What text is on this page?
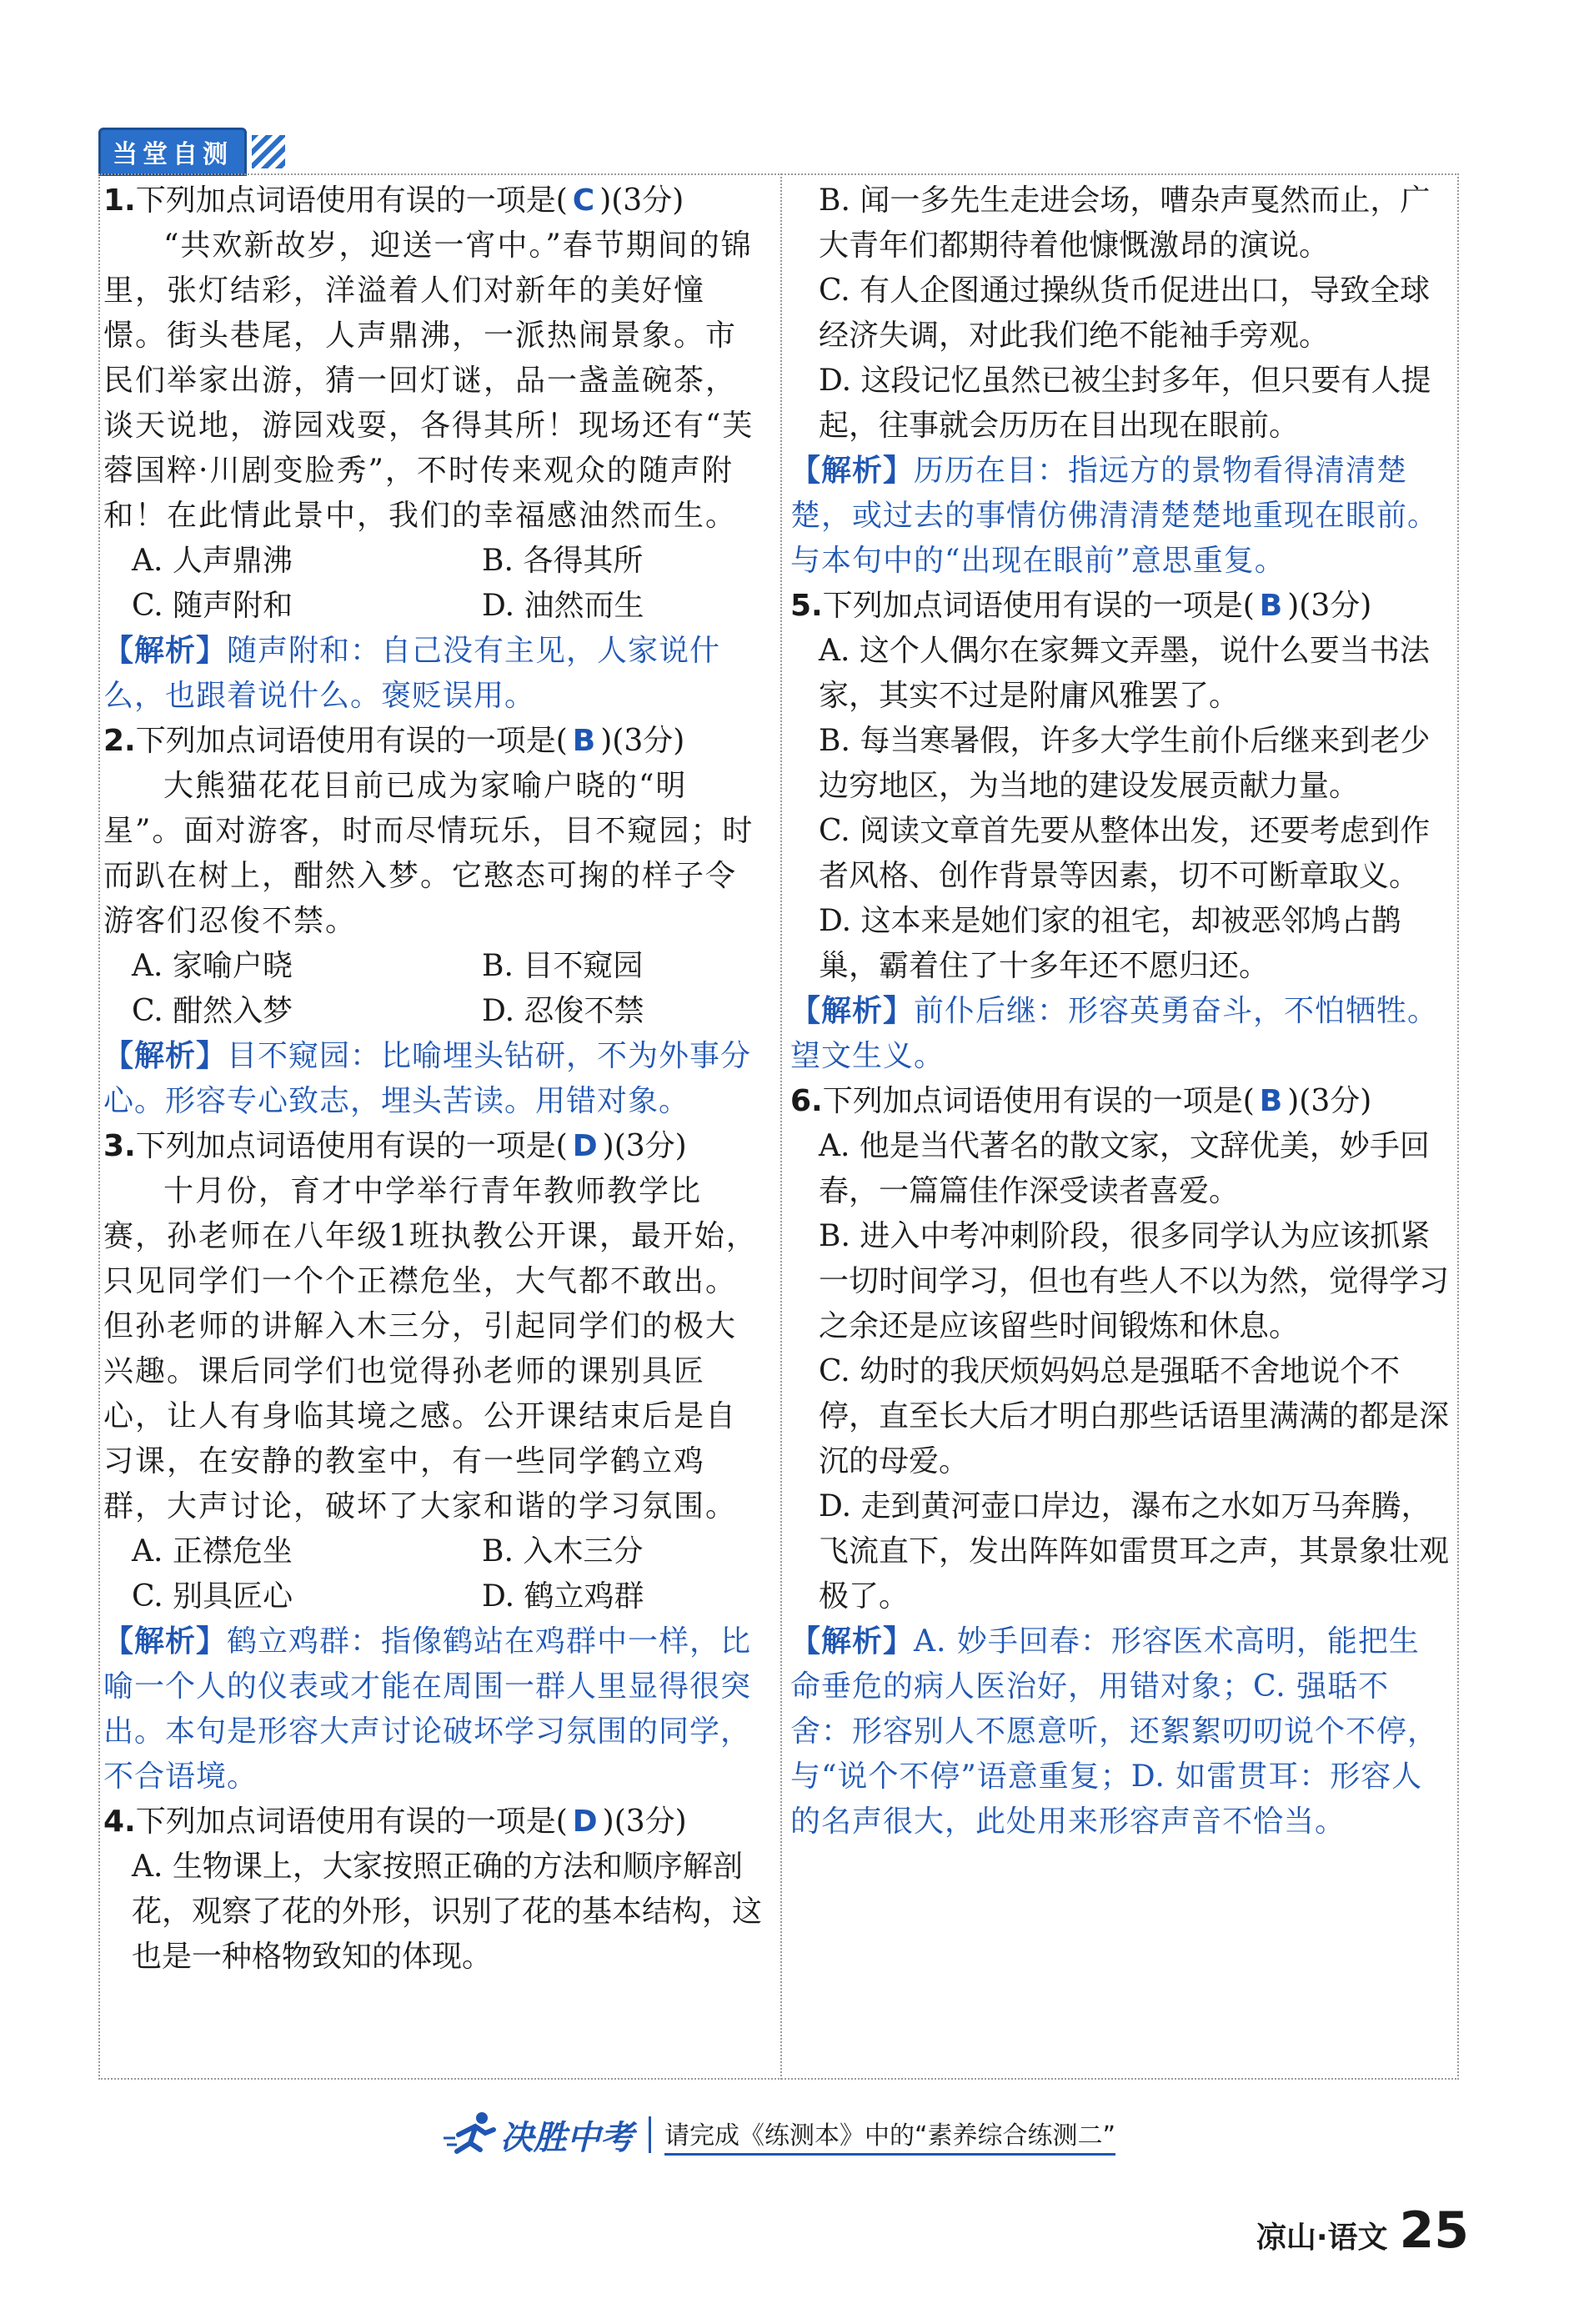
当堂自测
1.下列加点词语使用有误的一项是( C )(3分)
“共欢新故岁，迎送一宵中。”春节期间的锦里，张灯结彩，洋溢着人们对新年的美好憧憬。街头巷尾，人声鼎沸，一派热闹景象。市民们举家出游，猜一回灯谜，品一盏盖碗茶，谈天说地，游园戏耍，各得其所！现场还有“芙蓉国粹·川剧变脸秀”，不时传来观众的随声附和！在此情此景中，我们的幸福感油然而生。
A. 人声鼎沸	B. 各得其所
C. 随声附和	D. 油然而生
【解析】随声附和：自己没有主见，人家说什么，也跟着说什么。褒贬误用。
2.下列加点词语使用有误的一项是( B )(3分)
大熊猫花花目前已成为家喻户晓的“明星”。面对游客，时而尽情玩乐，目不窥园；时而趴在树上，酣然入梦。它憨态可掬的样子令游客们忍俊不禁。
A. 家喻户晓	B. 目不窥园
C. 酣然入梦	D. 忍俊不禁
【解析】目不窥园：比喻埋头钻研，不为外事分心。形容专心致志，埋头苦读。用错对象。
3.下列加点词语使用有误的一项是( D )(3分)
十月份，育才中学举行青年教师教学比赛，孙老师在八年级1班执教公开课，最开始，只见同学们一个个正襟危坐，大气都不敢出。但孙老师的讲解入木三分，引起同学们的极大兴趣。课后同学们也觉得孙老师的课别具匠心，让人有身临其境之感。公开课结束后是自习课，在安静的教室中，有一些同学鹤立鸡群，大声讨论，破坏了大家和谐的学习氛围。
A. 正襟危坐	B. 入木三分
C. 别具匠心	D. 鹤立鸡群
【解析】鹤立鸡群：指像鹤站在鸡群中一样，比喻一个人的仪表或才能在周围一群人里显得很突出。本句是形容大声讨论破坏学习氛围的同学，不合语境。
4.下列加点词语使用有误的一项是( D )(3分)
A. 生物课上，大家按照正确的方法和顺序解剖花，观察了花的外形，识别了花的基本结构，这也是一种格物致知的体现。
B. 闻一多先生走进会场，嘈杂声戛然而止，广大青年们都期待着他慷慨激昂的演说。
C. 有人企图通过操纵货币促进出口，导致全球经济失调，对此我们绝不能袖手旁观。
D. 这段记忆虽然已被尘封多年，但只要有人提起，往事就会历历在目出现在眼前。
【解析】历历在目：指远方的景物看得清清楚楚，或过去的事情仿佛清清楚楚地重现在眼前。与本句中的“出现在眼前”意思重复。
5.下列加点词语使用有误的一项是( B )(3分)
A. 这个人偶尔在家舞文弄墨，说什么要当书法家，其实不过是附庸风雅罢了。
B. 每当寒暑假，许多大学生前仆后继来到老少边穷地区，为当地的建设发展贡献力量。
C. 阅读文章首先要从整体出发，还要考虑到作者风格、创作背景等因素，切不可断章取义。
D. 这本来是她们家的祖宅，却被恶邻鸠占鹊巢，霸着住了十多年还不愿归还。
【解析】前仆后继：形容英勇奋斗，不怕牺牲。望文生义。
6.下列加点词语使用有误的一项是( B )(3分)
A. 他是当代著名的散文家，文辞优美，妙手回春，一篇篇佳作深受读者喜爱。
B. 进入中考冲刺阶段，很多同学认为应该抓紧一切时间学习，但也有些人不以为然，觉得学习之余还是应该留些时间锻炼和休息。
C. 幼时的我厌烦妈妈总是强聒不舍地说个不停，直至长大后才明白那些话语里满满的都是深沉的母爱。
D. 走到黄河壶口岸边，瀑布之水如万马奔腾，飞流直下，发出阵阵如雷贯耳之声，其景象壮观极了。
【解析】A. 妙手回春：形容医术高明，能把生命垂危的病人医治好，用错对象；C. 强聒不舍：形容别人不愿意听，还絮絮叨叨说个不停，与“说个不停”语意重复；D. 如雷贯耳：形容人的名声很大，此处用来形容声音不恰当。
决胜中考 请完成《练测本》中的“素养综合练测二”
凉山·语文 25
